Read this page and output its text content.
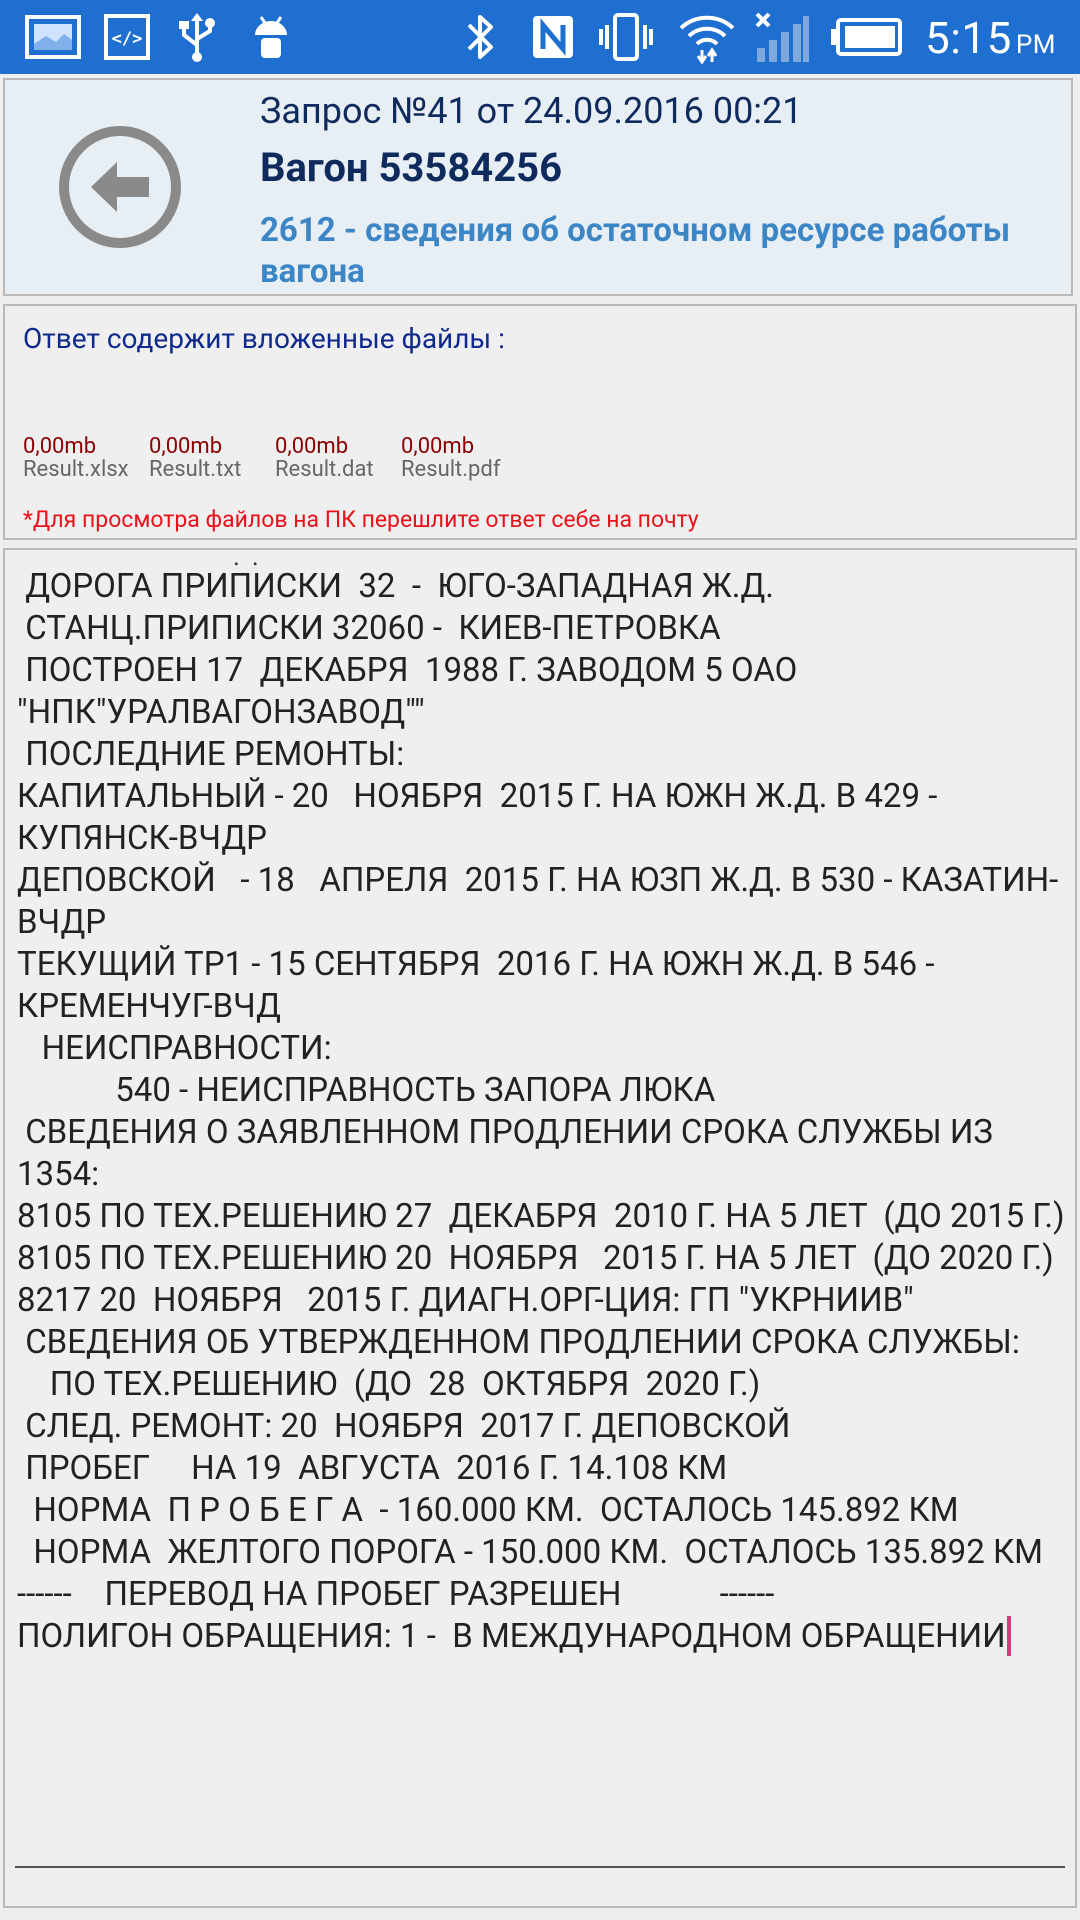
</>	5:15 PM
Запрос №41 от 24.09.2016 00:21
Вагон 53584256
2612 - сведения об остаточном ресурсе работы вагона
Ответ содержит вложенные файлы :
0,00mb
Result.xlsx
0,00mb
Result.txt
0,00mb
Result.dat
0,00mb
Result.pdf
*Для просмотра файлов на ПК перешлите ответ себе на почту
..
ДОРОГА ПРИПИСКИ  32  -  ЮГО-ЗАПАДНАЯ Ж.Д.
СТАНЦ.ПРИПИСКИ 32060 -  КИЕВ-ПЕТРОВКА
ПОСТРОЕН 17  ДЕКАБРЯ  1988 Г. ЗАВОДОМ 5 ОАО "НПК"УРАЛВАГОНЗАВОД""
ПОСЛЕДНИЕ РЕМОНТЫ:
КАПИТАЛЬНЫЙ - 20   НОЯБРЯ  2015 Г. НА ЮЖН Ж.Д. В 429 - КУПЯНСК-ВЧДР
ДЕПОВСКОЙ   - 18   АПРЕЛЯ  2015 Г. НА ЮЗП Ж.Д. В 530 - КАЗАТИН-ВЧДР
ТЕКУЩИЙ ТР1 - 15 СЕНТЯБРЯ  2016 Г. НА ЮЖН Ж.Д. В 546 - КРЕМЕНЧУГ-ВЧД
НЕИСПРАВНОСТИ:
540 - НЕИСПРАВНОСТЬ ЗАПОРА ЛЮКА
СВЕДЕНИЯ О ЗАЯВЛЕННОМ ПРОДЛЕНИИ СРОКА СЛУЖБЫ ИЗ 1354:
8105 ПО ТЕХ.РЕШЕНИЮ 27  ДЕКАБРЯ  2010 Г. НА 5 ЛЕТ  (ДО 2015 Г.)
8105 ПО ТЕХ.РЕШЕНИЮ 20  НОЯБРЯ   2015 Г. НА 5 ЛЕТ  (ДО 2020 Г.)
8217 20  НОЯБРЯ   2015 Г. ДИАГН.ОРГ-ЦИЯ: ГП "УКРНИИВ"
СВЕДЕНИЯ ОБ УТВЕРЖДЕННОМ ПРОДЛЕНИИ СРОКА СЛУЖБЫ:
ПО ТЕХ.РЕШЕНИЮ  (ДО  28  ОКТЯБРЯ  2020 Г.)
СЛЕД. РЕМОНТ: 20  НОЯБРЯ  2017 Г. ДЕПОВСКОЙ
ПРОБЕГ     НА 19  АВГУСТА  2016 Г. 14.108 КМ
НОРМА  П Р О Б Е Г А  - 160.000 КМ.  ОСТАЛОСЬ 145.892 КМ
НОРМА  ЖЕЛТОГО ПОРОГА - 150.000 КМ.  ОСТАЛОСЬ 135.892 КМ
------    ПЕРЕВОД НА ПРОБЕГ РАЗРЕШЕН            ------
ПОЛИГОН ОБРАЩЕНИЯ: 1 -  В МЕЖДУНАРОДНОМ ОБРАЩЕНИИ
